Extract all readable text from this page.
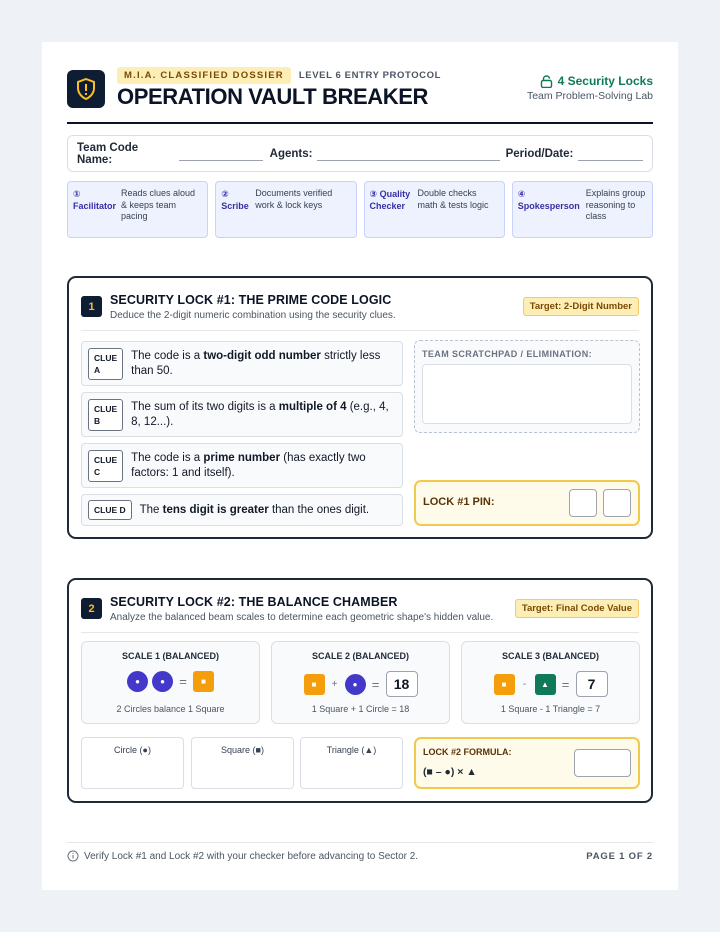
M.I.A. CLASSIFIED DOSSIER	LEVEL 6 ENTRY PROTOCOL
OPERATION VAULT BREAKER
4 Security Locks
Team Problem-Solving Lab
Team Code Name:	Agents:	Period/Date:
①
Facilitator
Reads clues aloud & keeps team pacing
②
Scribe
Documents verified work & lock keys
③ Quality Checker
Double checks math & tests logic
④
Spokesperson
Explains group reasoning to class
1	SECURITY LOCK #1: THE PRIME CODE LOGIC
Deduce the 2-digit numeric combination using the security clues.
Target: 2-Digit Number
CLUE
A
The code is a two-digit odd number strictly less than 50.
CLUE
B
The sum of its two digits is a multiple of 4 (e.g., 4, 8, 12...).
CLUE
C
The code is a prime number (has exactly two factors: 1 and itself).
CLUE D	The tens digit is greater than the ones digit.
TEAM SCRATCHPAD / ELIMINATION:
LOCK #1 PIN:
2	SECURITY LOCK #2: THE BALANCE CHAMBER
Analyze the balanced beam scales to determine each geometric shape's hidden value.
Target: Final Code Value
SCALE 1 (BALANCED)
●	●	=	■
2 Circles balance 1 Square
SCALE 2 (BALANCED)
■	+	●	=	18
1 Square + 1 Circle = 18
SCALE 3 (BALANCED)
■	-	▲ =	7
1 Square - 1 Triangle = 7
Circle (●)	Square (■)	Triangle (▲)	LOCK #2 FORMULA:
(■ – ●) × ▲
Verify Lock #1 and Lock #2 with your checker before advancing to Sector 2.	PAGE 1 OF 2
